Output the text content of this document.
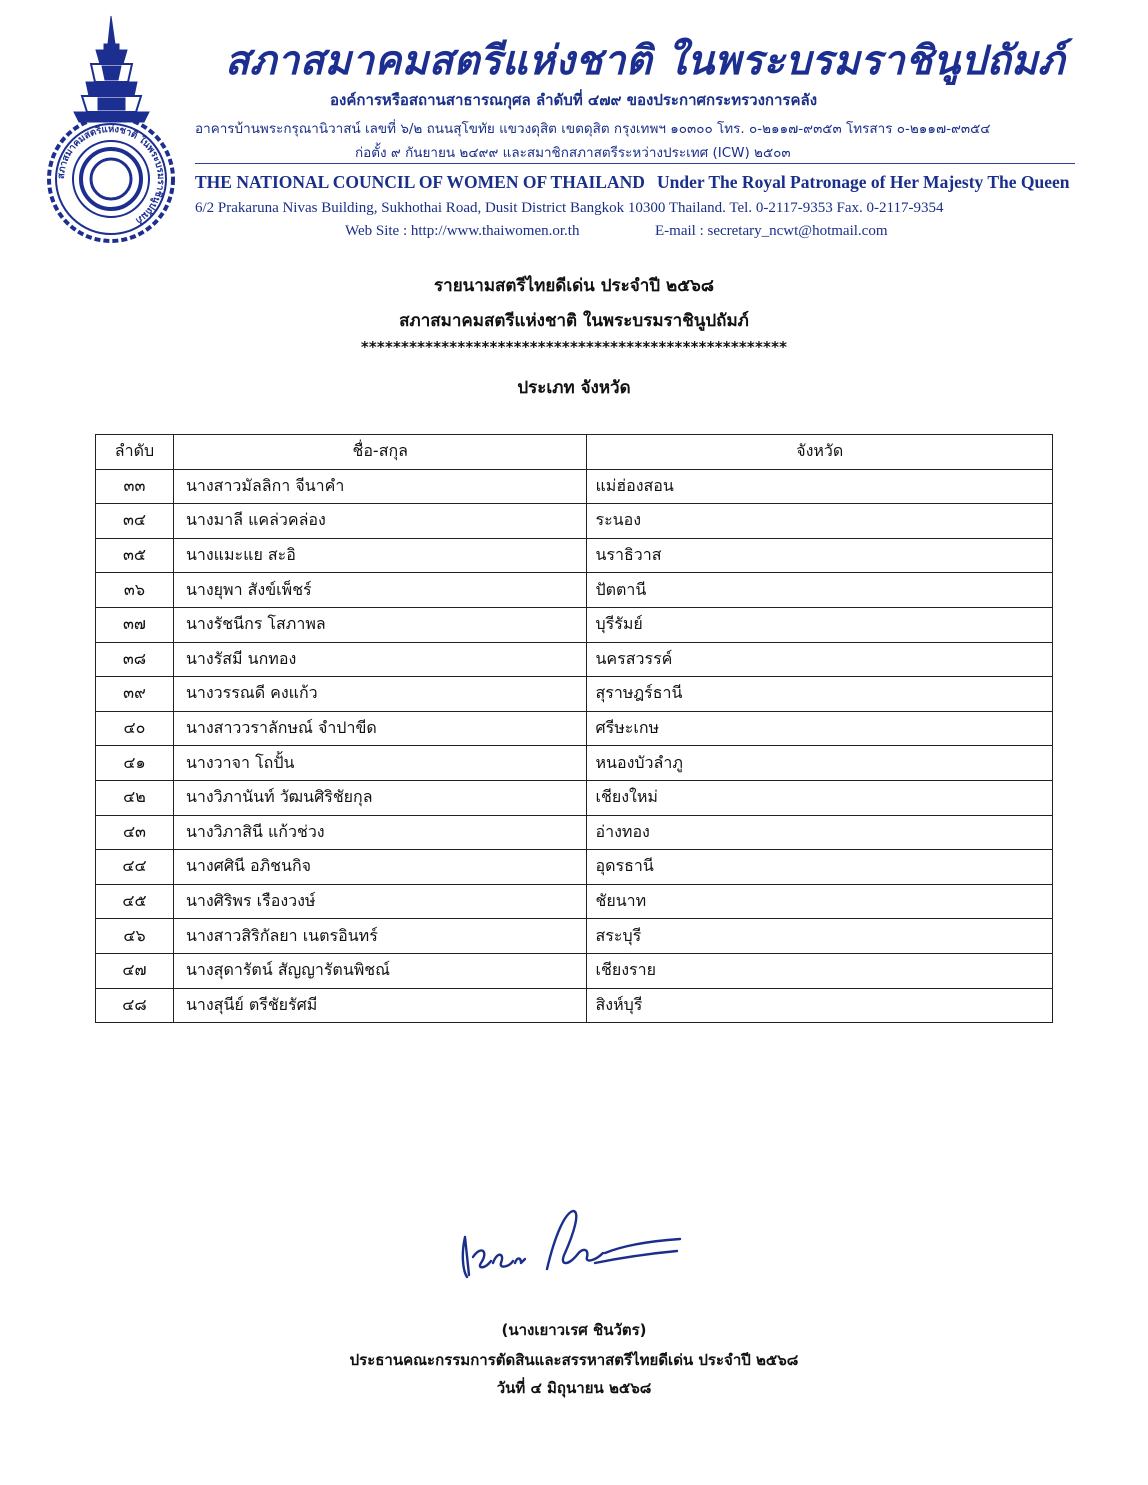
สภาสมาคมสตรีแห่งชาติ ในพระบรมราชินูปถัมภ์
สภาสมาคมสตรีแห่งชาติ ในพระบรมราชินูปถัมภ์
องค์การหรือสถานสาธารณกุศล ลำดับที่ ๔๗๙ ของประกาศกระทรวงการคลัง
อาคารบ้านพระกรุณานิวาสน์ เลขที่ ๖/๒ ถนนสุโขทัย แขวงดุสิต เขตดุสิต กรุงเทพฯ ๑๐๓๐๐ โทร. ๐-๒๑๑๗-๙๓๕๓ โทรสาร ๐-๒๑๑๗-๙๓๕๔
ก่อตั้ง ๙ กันยายน ๒๔๙๙ และสมาชิกสภาสตรีระหว่างประเทศ (ICW) ๒๕๐๓
THE NATIONAL COUNCIL OF WOMEN OF THAILAND Under The Royal Patronage of Her Majesty The Queen
6/2 Prakaruna Nivas Building, Sukhothai Road, Dusit District Bangkok 10300 Thailand. Tel. 0-2117-9353 Fax. 0-2117-9354
Web Site : http://www.thaiwomen.or.th	E-mail : secretary_ncwt@hotmail.com
รายนามสตรีไทยดีเด่น ประจำปี ๒๕๖๘
สภาสมาคมสตรีแห่งชาติ ในพระบรมราชินูปถัมภ์
*****************************************************
ประเภท จังหวัด
ลำดับ	ชื่อ-สกุล	จังหวัด
๓๓	นางสาวมัลลิกา จีนาคำ	แม่ฮ่องสอน
๓๔	นางมาลี แคล่วคล่อง	ระนอง
๓๕	นางแมะแย สะอิ	นราธิวาส
๓๖	นางยุพา สังข์เพ็ชร์	ปัตตานี
๓๗	นางรัชนีกร โสภาพล	บุรีรัมย์
๓๘	นางรัสมี นกทอง	นครสวรรค์
๓๙	นางวรรณดี คงแก้ว	สุราษฎร์ธานี
๔๐	นางสาววราลักษณ์ จำปาขีด	ศรีษะเกษ
๔๑	นางวาจา โถปั้น	หนองบัวลำภู
๔๒	นางวิภานันท์ วัฒนศิริชัยกุล	เชียงใหม่
๔๓	นางวิภาสินี แก้วช่วง	อ่างทอง
๔๔	นางศศินี อภิชนกิจ	อุดรธานี
๔๕	นางศิริพร เรืองวงษ์	ชัยนาท
๔๖	นางสาวสิริกัลยา เนตรอินทร์	สระบุรี
๔๗	นางสุดารัตน์ สัญญารัตนพิชณ์	เชียงราย
๔๘	นางสุนีย์ ตรีชัยรัศมี	สิงห์บุรี
(นางเยาวเรศ ชินวัตร)
ประธานคณะกรรมการตัดสินและสรรหาสตรีไทยดีเด่น ประจำปี ๒๕๖๘
วันที่ ๔ มิถุนายน ๒๕๖๘
